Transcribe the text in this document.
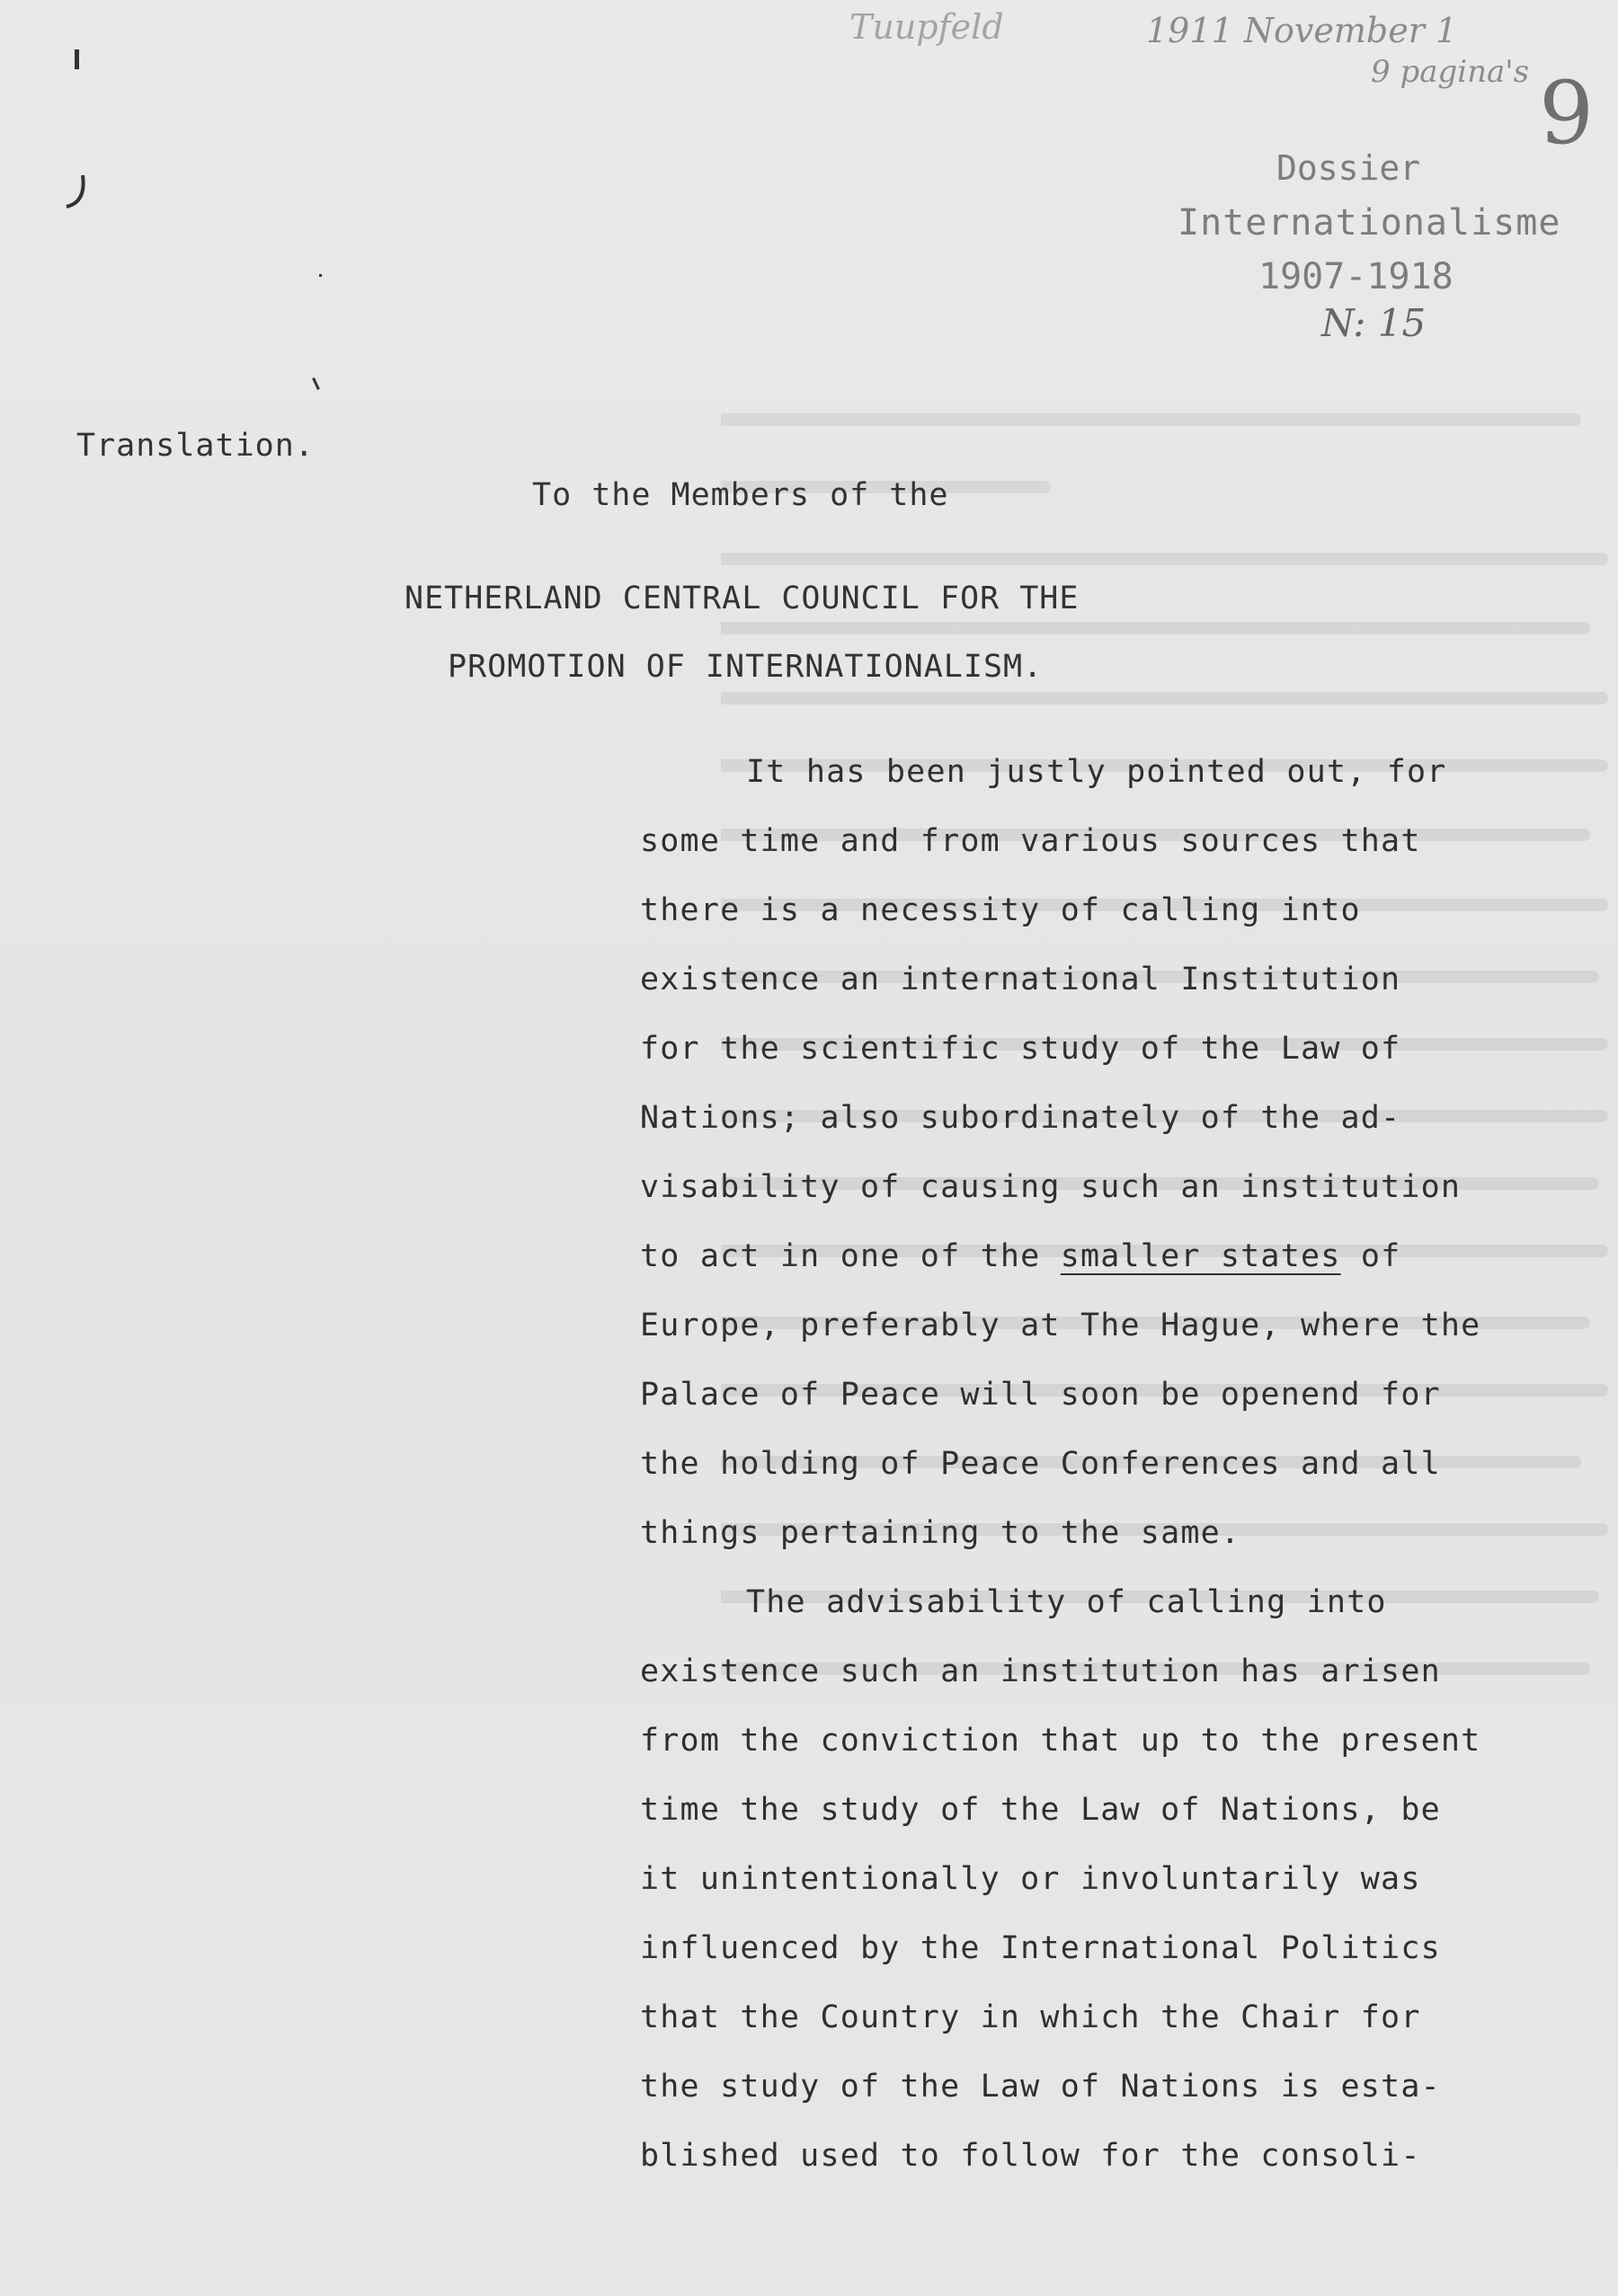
Tuupfeld	1911 November 1
9 pagina's 9
Dossier
Internationalisme
1907-1918
N: 15
Translation.
To the Members of the
NETHERLAND CENTRAL COUNCIL FOR THE
PROMOTION OF INTERNATIONALISM.
It has been justly pointed out, for
some time and from various sources that
there is a necessity of calling into
existence an international Institution
for the scientific study of the Law of
Nations; also subordinately of the ad-
visability of causing such an institution
to act in one of the smaller states of
Europe, preferably at The Hague, where the
Palace of Peace will soon be openend for
the holding of Peace Conferences and all
things pertaining to the same.
The advisability of calling into
existence such an institution has arisen
from the conviction that up to the present
time the study of the Law of Nations, be
it unintentionally or involuntarily was
influenced by the International Politics
that the Country in which the Chair for
the study of the Law of Nations is esta-
blished used to follow for the consoli-
